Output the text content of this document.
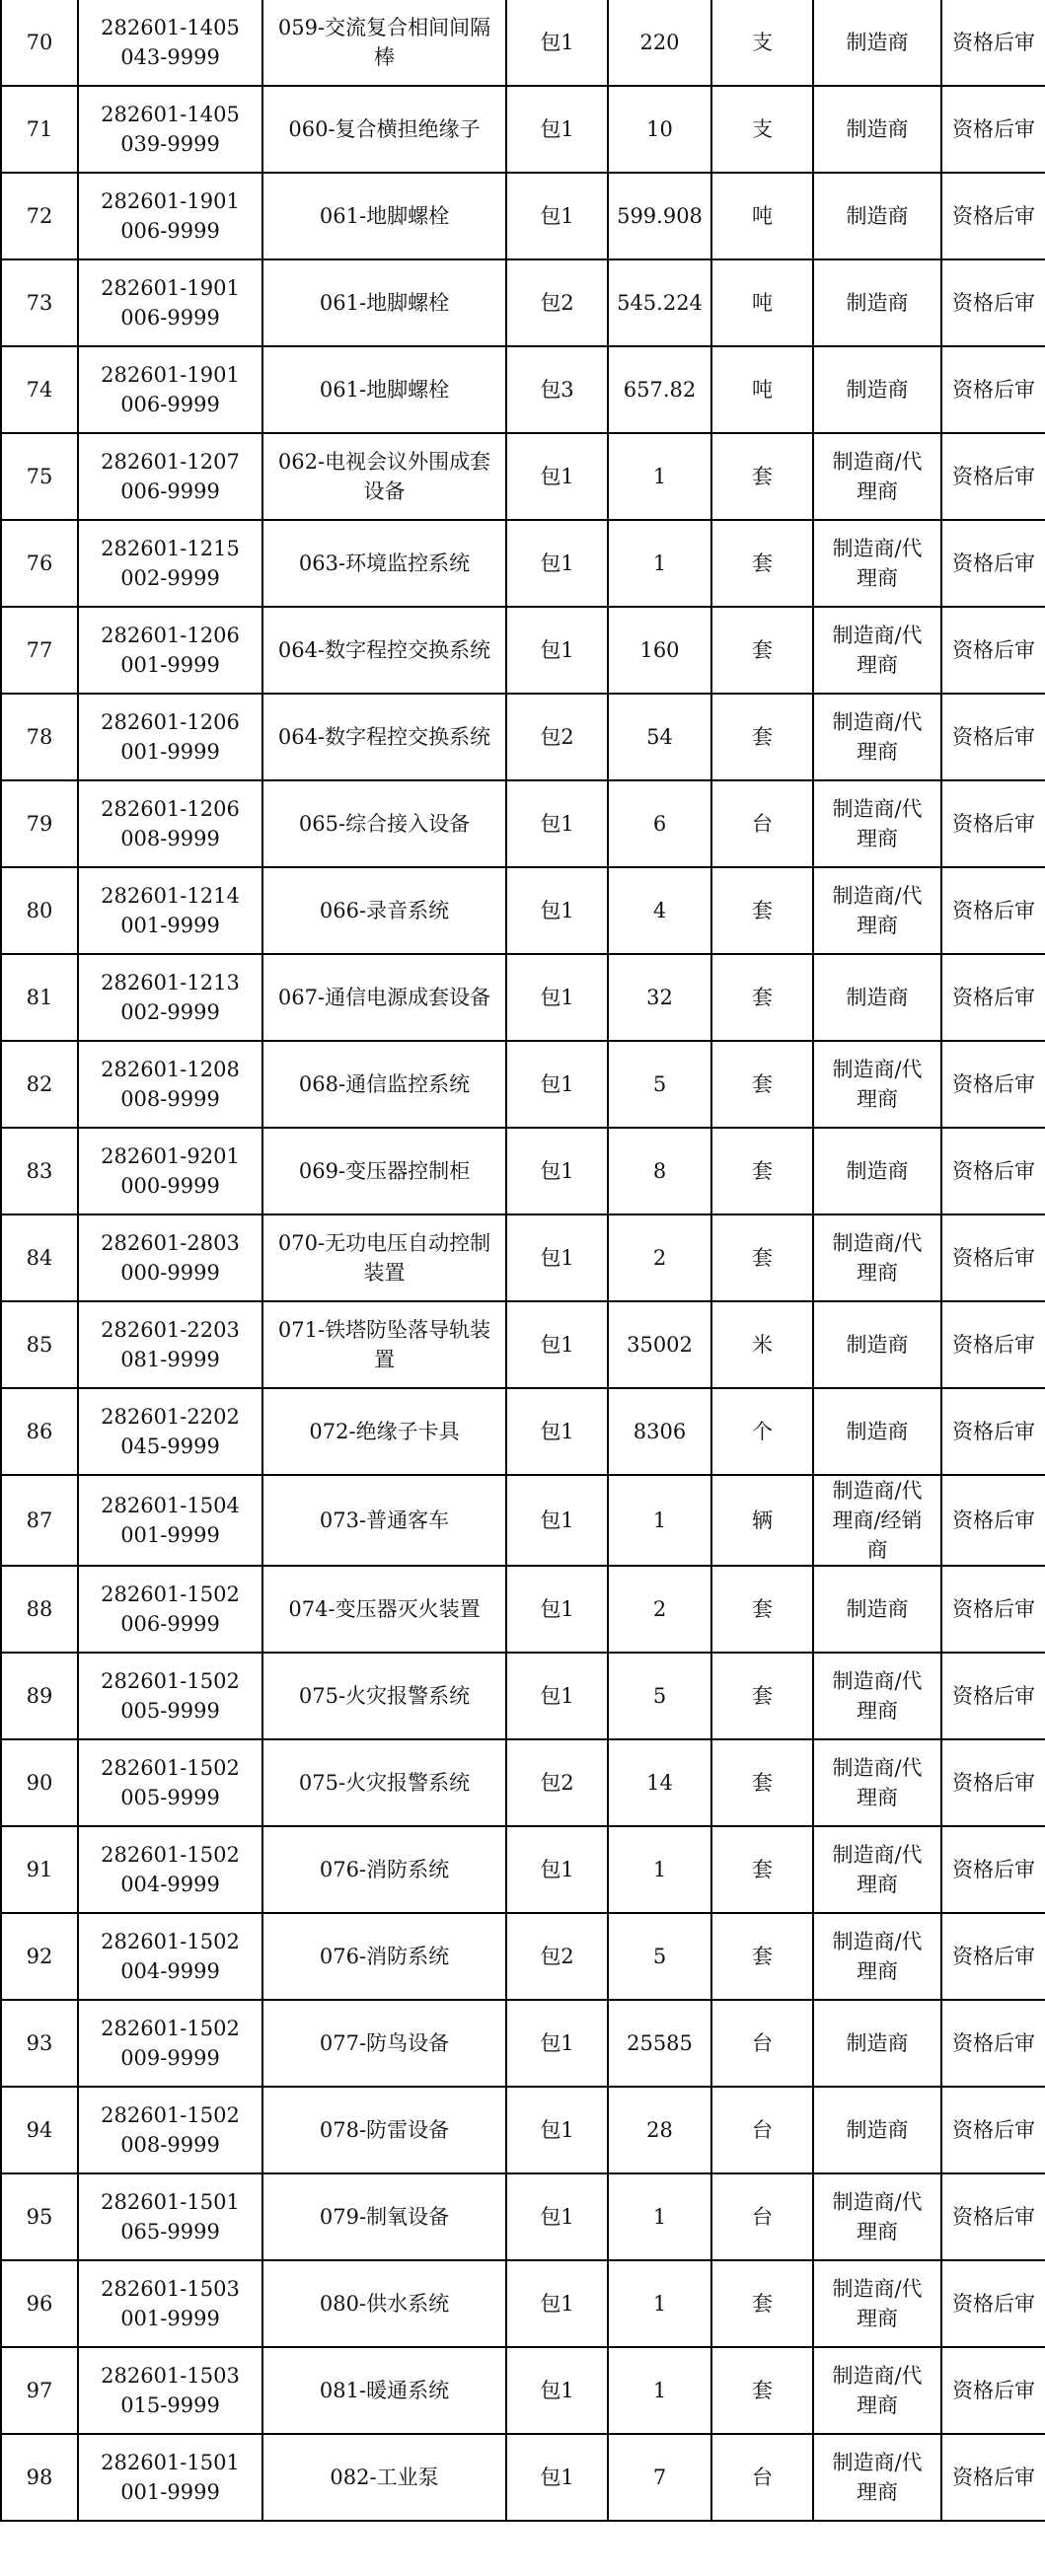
70	282601-1405043-9999	059-交流复合相间间隔棒	包1	220	支	制造商	资格后审
71	282601-1405039-9999	060-复合横担绝缘子	包1	10	支	制造商	资格后审
72	282601-1901006-9999	061-地脚螺栓	包1	599.908	吨	制造商	资格后审
73	282601-1901006-9999	061-地脚螺栓	包2	545.224	吨	制造商	资格后审
74	282601-1901006-9999	061-地脚螺栓	包3	657.82	吨	制造商	资格后审
75	282601-1207006-9999	062-电视会议外围成套设备	包1	1	套	制造商/代理商	资格后审
76	282601-1215002-9999	063-环境监控系统	包1	1	套	制造商/代理商	资格后审
77	282601-1206001-9999	064-数字程控交换系统	包1	160	套	制造商/代理商	资格后审
78	282601-1206001-9999	064-数字程控交换系统	包2	54	套	制造商/代理商	资格后审
79	282601-1206008-9999	065-综合接入设备	包1	6	台	制造商/代理商	资格后审
80	282601-1214001-9999	066-录音系统	包1	4	套	制造商/代理商	资格后审
81	282601-1213002-9999	067-通信电源成套设备	包1	32	套	制造商	资格后审
82	282601-1208008-9999	068-通信监控系统	包1	5	套	制造商/代理商	资格后审
83	282601-9201000-9999	069-变压器控制柜	包1	8	套	制造商	资格后审
84	282601-2803000-9999	070-无功电压自动控制装置	包1	2	套	制造商/代理商	资格后审
85	282601-2203081-9999	071-铁塔防坠落导轨装置	包1	35002	米	制造商	资格后审
86	282601-2202045-9999	072-绝缘子卡具	包1	8306	个	制造商	资格后审
87	282601-1504001-9999	073-普通客车	包1	1	辆	制造商/代理商/经销商	资格后审
88	282601-1502006-9999	074-变压器灭火装置	包1	2	套	制造商	资格后审
89	282601-1502005-9999	075-火灾报警系统	包1	5	套	制造商/代理商	资格后审
90	282601-1502005-9999	075-火灾报警系统	包2	14	套	制造商/代理商	资格后审
91	282601-1502004-9999	076-消防系统	包1	1	套	制造商/代理商	资格后审
92	282601-1502004-9999	076-消防系统	包2	5	套	制造商/代理商	资格后审
93	282601-1502009-9999	077-防鸟设备	包1	25585	台	制造商	资格后审
94	282601-1502008-9999	078-防雷设备	包1	28	台	制造商	资格后审
95	282601-1501065-9999	079-制氧设备	包1	1	台	制造商/代理商	资格后审
96	282601-1503001-9999	080-供水系统	包1	1	套	制造商/代理商	资格后审
97	282601-1503015-9999	081-暖通系统	包1	1	套	制造商/代理商	资格后审
98	282601-1501001-9999	082-工业泵	包1	7	台	制造商/代理商	资格后审
